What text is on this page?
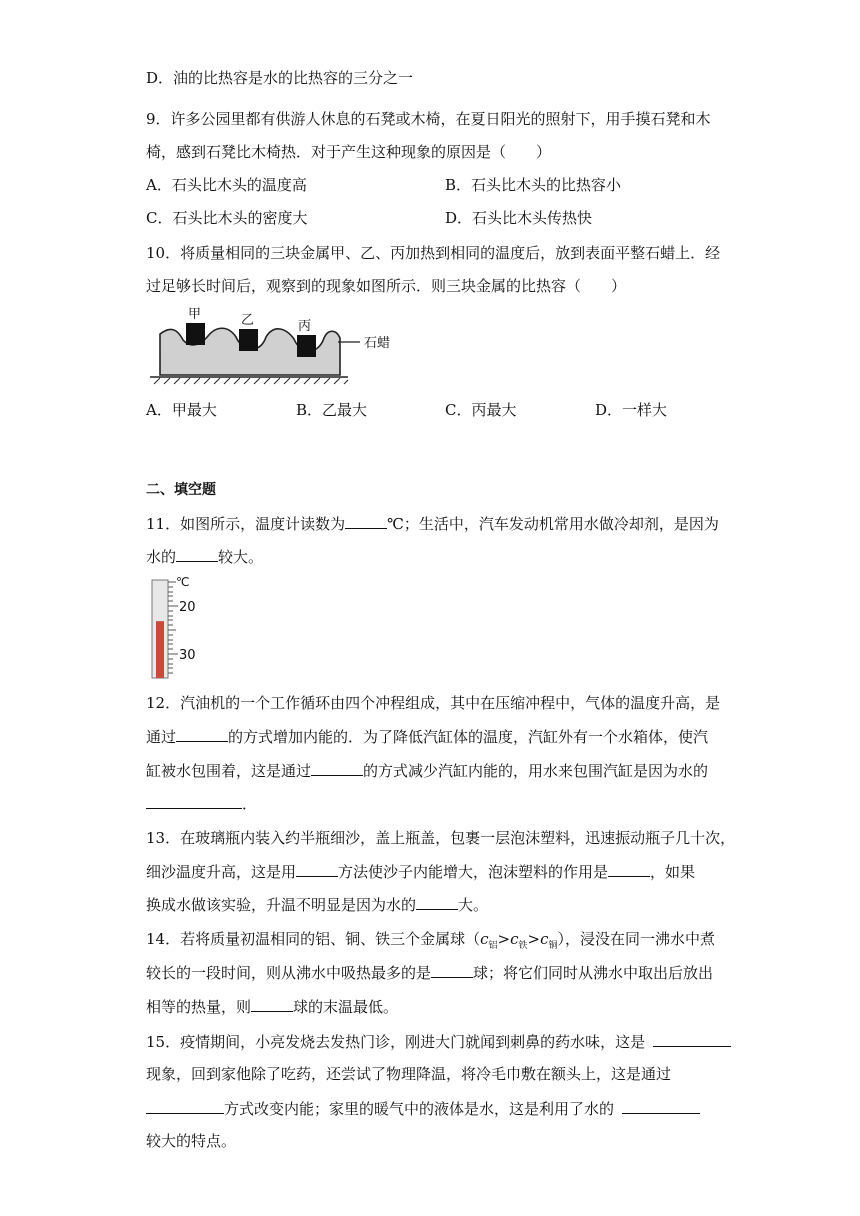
D．油的比热容是水的比热容的三分之一
9．许多公园里都有供游人休息的石凳或木椅，在夏日阳光的照射下，用手摸石凳和木
椅，感到石凳比木椅热．对于产生这种现象的原因是（　　）
A．石头比木头的温度高	B．石头比木头的比热容小
C．石头比木头的密度大	D．石头比木头传热快
10．将质量相同的三块金属甲、乙、丙加热到相同的温度后，放到表面平整石蜡上．经
过足够长时间后，观察到的现象如图所示．则三块金属的比热容（　　）
甲	乙	丙
石蜡
A．甲最大	B．乙最大	C．丙最大	D．一样大
二、填空题
11．如图所示，温度计读数为	℃；生活中，汽车发动机常用水做冷却剂，是因为
水的	较大。
℃
20
30
12．汽油机的一个工作循环由四个冲程组成，其中在压缩冲程中，气体的温度升高，是
通过	的方式增加内能的．为了降低汽缸体的温度，汽缸外有一个水箱体，使汽
缸被水包围着，这是通过	的方式减少汽缸内能的，用水来包围汽缸是因为水的
．
13．在玻璃瓶内装入约半瓶细沙，盖上瓶盖，包裹一层泡沫塑料，迅速振动瓶子几十次，
细沙温度升高，这是用	方法使沙子内能增大，泡沫塑料的作用是	，如果
换成水做该实验，升温不明显是因为水的	大。
14．若将质量初温相同的铝、铜、铁三个金属球$(c_铝>c_铁>c_铜)$，浸没在同一沸水中煮
较长的一段时间，则从沸水中吸热最多的是	球；将它们同时从沸水中取出后放出
相等的热量，则	球的末温最低。
15．疫情期间，小亮发烧去发热门诊，刚进大门就闻到刺鼻的药水味，这是
现象，回到家他除了吃药，还尝试了物理降温，将冷毛巾敷在额头上，这是通过
方式改变内能；家里的暖气中的液体是水，这是利用了水的
较大的特点。
